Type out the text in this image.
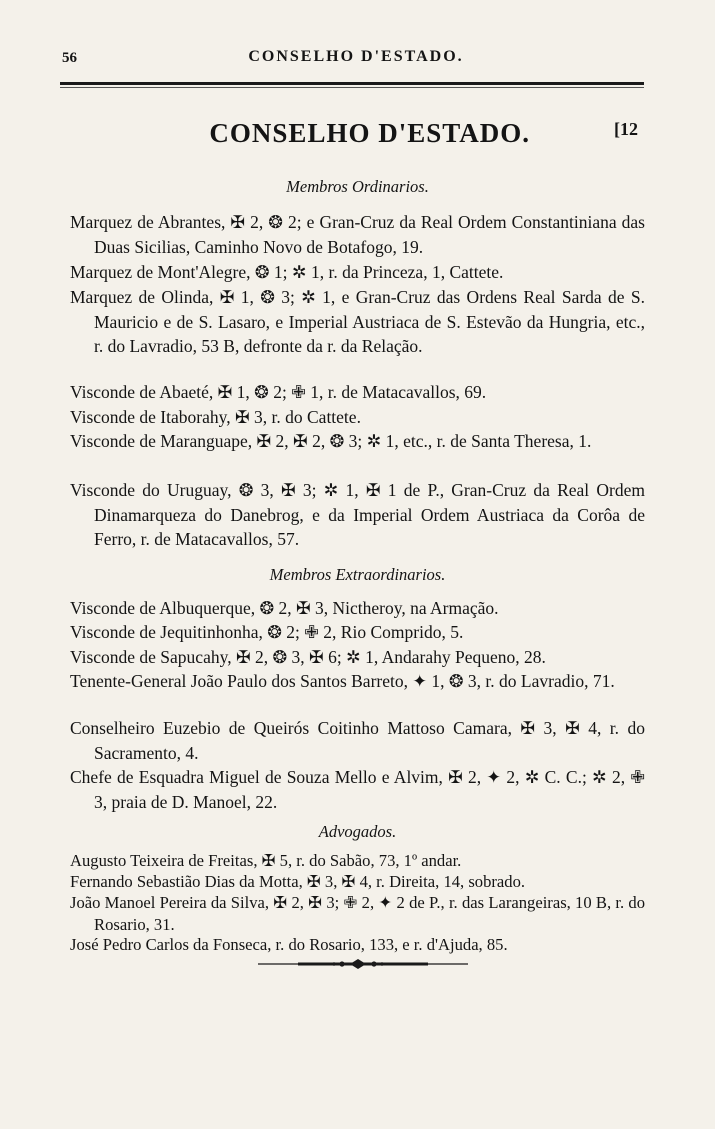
56	CONSELHO D'ESTADO.
CONSELHO D'ESTADO.	[12
Membros Ordinarios.
Marquez de Abrantes, ✠ 2, ❂ 2; e Gran-Cruz da Real Ordem Constantiniana das Duas Sicilias, Caminho Novo de Botafogo, 19.
Marquez de Mont'Alegre, ❂ 1; ✲ 1, r. da Princeza, 1, Cattete.
Marquez de Olinda, ✠ 1, ❂ 3; ✲ 1, e Gran-Cruz das Ordens Real Sarda de S. Mauricio e de S. Lasaro, e Imperial Austriaca de S. Estevão da Hungria, etc., r. do Lavradio, 53 B, defronte da r. da Relação.
Visconde de Abaeté, ✠ 1, ❂ 2; ✙ 1, r. de Matacavallos, 69.
Visconde de Itaborahy, ✠ 3, r. do Cattete.
Visconde de Maranguape, ✠ 2, ✠ 2, ❂ 3; ✲ 1, etc., r. de Santa Theresa, 1.
Visconde do Uruguay, ❂ 3, ✠ 3; ✲ 1, ✠ 1 de P., Gran-Cruz da Real Ordem Dinamarqueza do Danebrog, e da Imperial Ordem Austriaca da Corôa de Ferro, r. de Matacavallos, 57.
Membros Extraordinarios.
Visconde de Albuquerque, ❂ 2, ✠ 3, Nictheroy, na Armação.
Visconde de Jequitinhonha, ❂ 2; ✙ 2, Rio Comprido, 5.
Visconde de Sapucahy, ✠ 2, ❂ 3, ✠ 6; ✲ 1, Andarahy Pequeno, 28.
Tenente-General João Paulo dos Santos Barreto, ✦ 1, ❂ 3, r. do Lavradio, 71.
Conselheiro Euzebio de Queirós Coitinho Mattoso Camara, ✠ 3, ✠ 4, r. do Sacramento, 4.
Chefe de Esquadra Miguel de Souza Mello e Alvim, ✠ 2, ✦ 2, ✲ C. C.; ✲ 2, ✙ 3, praia de D. Manoel, 22.
Advogados.
Augusto Teixeira de Freitas, ✠ 5, r. do Sabão, 73, 1º andar.
Fernando Sebastião Dias da Motta, ✠ 3, ✠ 4, r. Direita, 14, sobrado.
João Manoel Pereira da Silva, ✠ 2, ✠ 3; ✙ 2, ✦ 2 de P., r. das Larangeiras, 10 B, r. do Rosario, 31.
José Pedro Carlos da Fonseca, r. do Rosario, 133, e r. d'Ajuda, 85.
